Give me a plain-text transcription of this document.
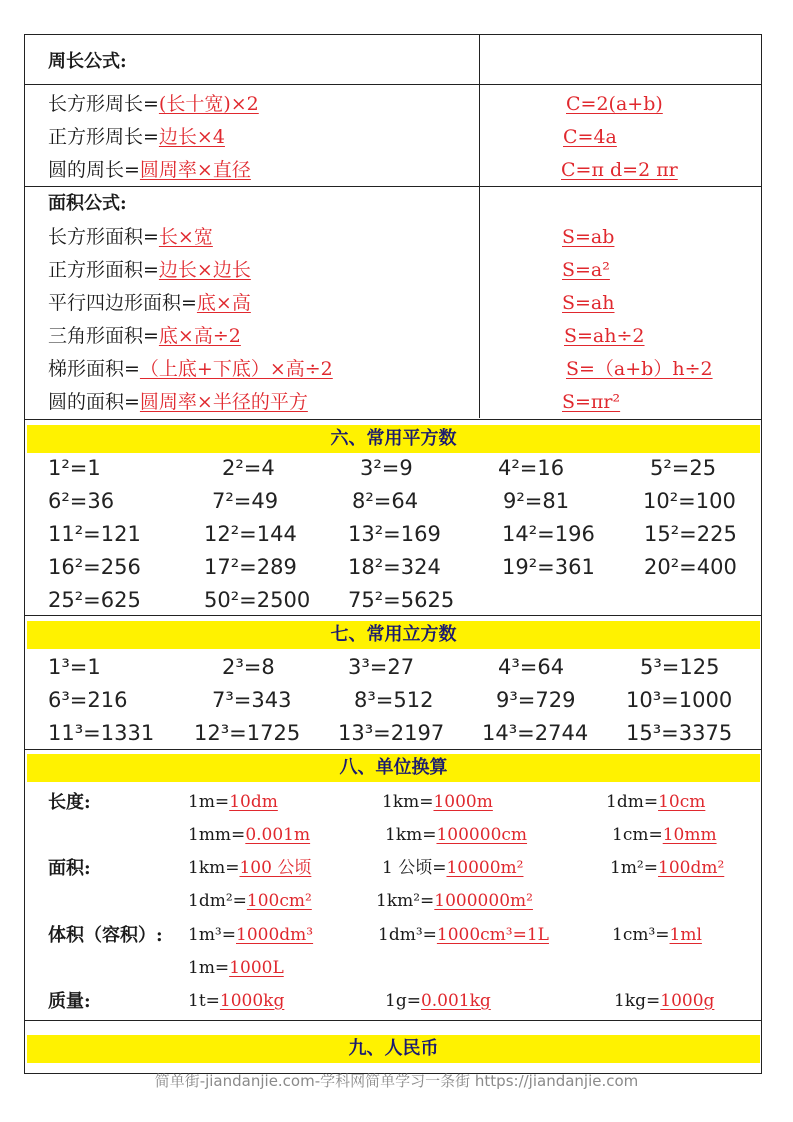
周长公式:
长方形周长=(长十宽)×2	C=2(a+b)
正方形周长=边长×4	C=4a
圆的周长=圆周率×直径	C=π d=2 πr
面积公式:
长方形面积=长×宽	S=ab
正方形面积=边长×边长	S=a²
平行四边形面积=底×高	S=ah
三角形面积=底×高÷2	S=ah÷2
梯形面积=（上底+下底）×高÷2	S=（a+b）h÷2
圆的面积=圆周率×半径的平方	S=πr²
六、常用平方数
1²=1	2²=4	3²=9	4²=16	5²=25
6²=36	7²=49	8²=64	9²=81	10²=100
11²=121	12²=144 13²=169	14²=196 15²=225
16²=256	17²=289 18²=324	19²=361 20²=400
25²=625	50²=2500 75²=5625
七、常用立方数
1³=1	2³=8	3³=27	4³=64	5³=125
6³=216	7³=343	8³=512	9³=729 10³=1000
11³=1331 12³=1725 13³=2197 14³=2744 15³=3375
八、单位换算
长度:	1m=10dm	1km=1000m	1dm=10cm
1mm=0.001m	1km=100000cm	1cm=10mm
面积:	1km=100 公顷	1 公顷=10000m²	1m²=100dm²
1dm²=100cm²	1km²=1000000m²
体积（容积）: 1m³=1000dm³	1dm³=1000cm³=1L	1cm³=1ml
1m=1000L
质量:	1t=1000kg	1g=0.001kg	1kg=1000g
九、人民币
简单街-jiandanjie.com-学科网简单学习一条街 https://jiandanjie.com
